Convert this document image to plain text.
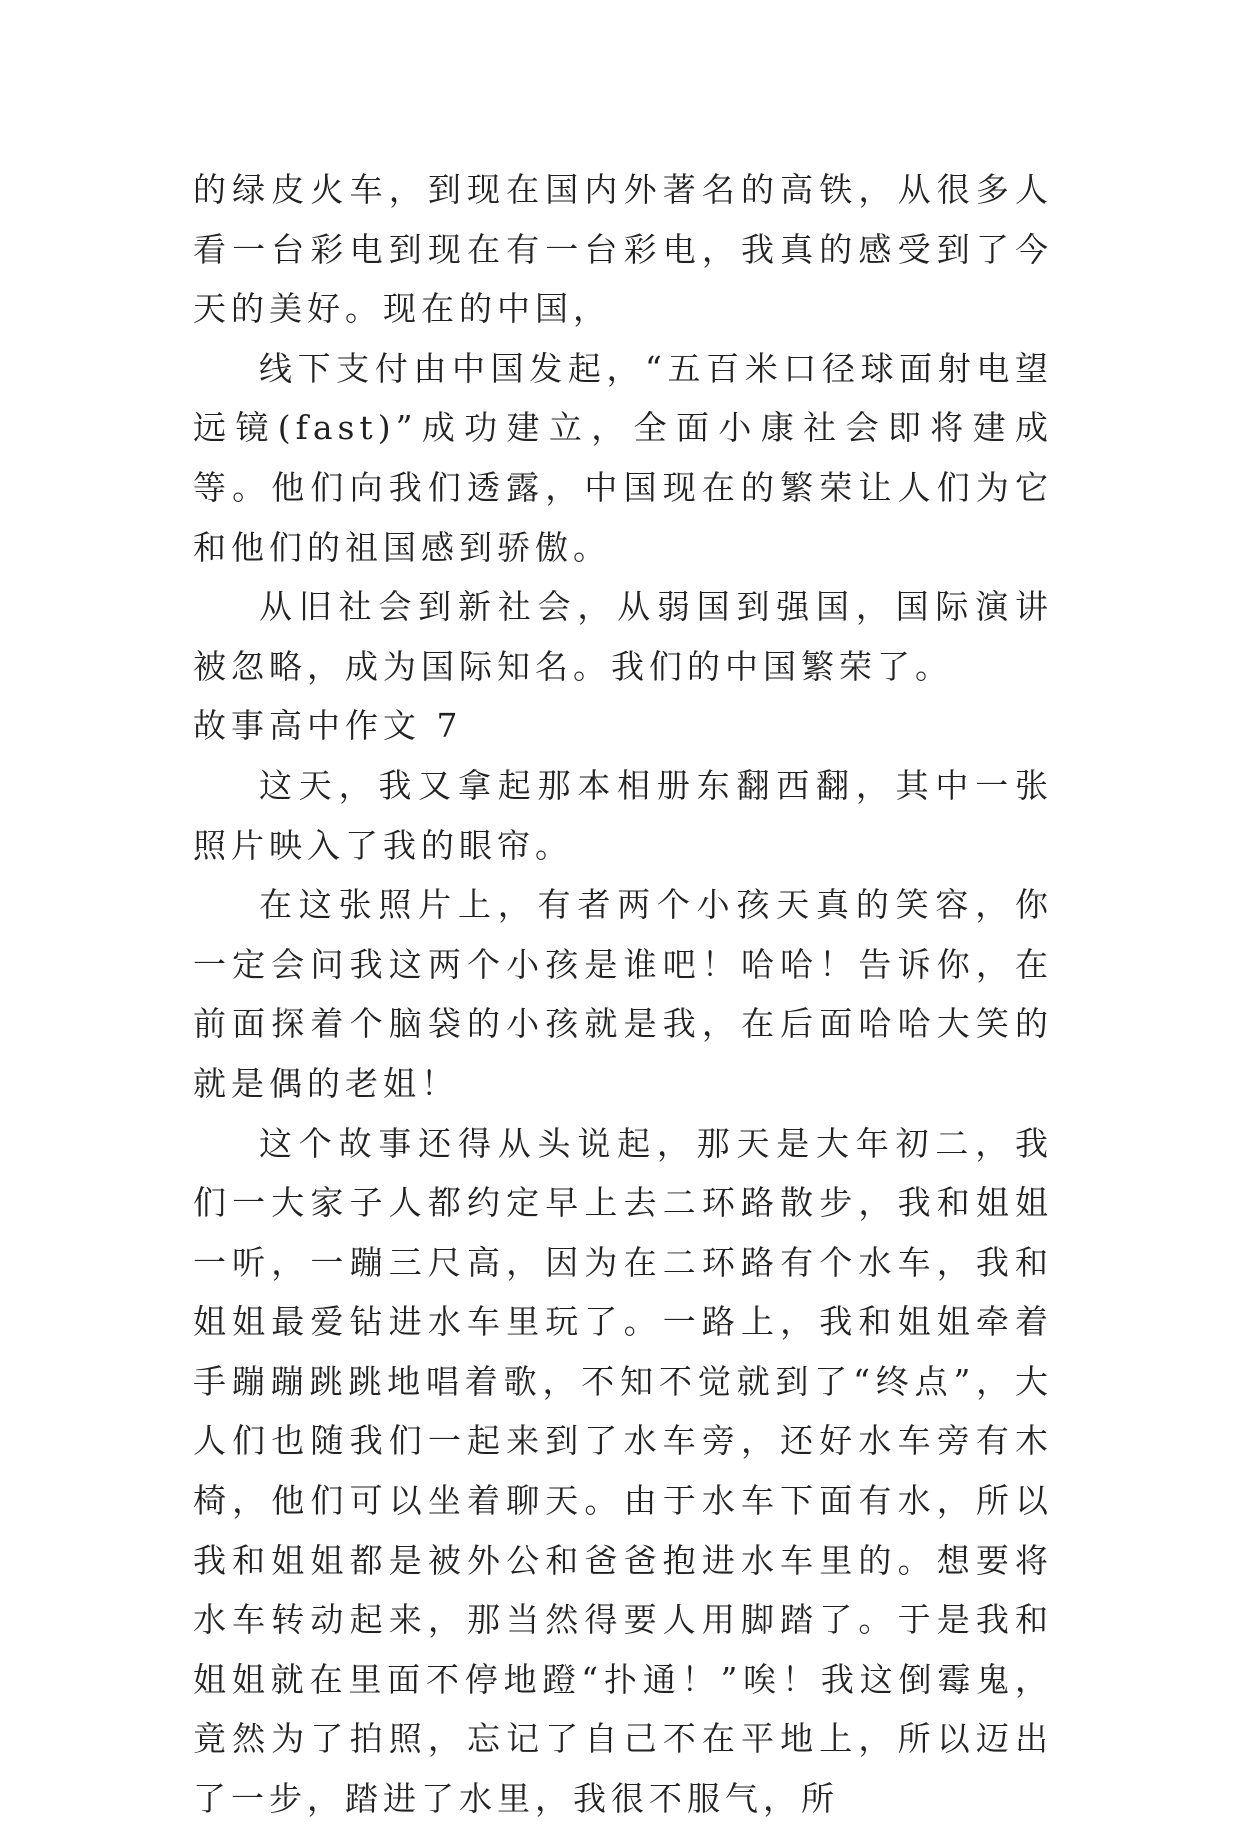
的绿皮火车，到现在国内外著名的高铁，从很多人看一台彩电到现在有一台彩电，我真的感受到了今天的美好。现在的中国，

线下支付由中国发起，“五百米口径球面射电望远镜(fast)”成功建立，全面小康社会即将建成等。他们向我们透露，中国现在的繁荣让人们为它和他们的祖国感到骄傲。

从旧社会到新社会，从弱国到强国，国际演讲被忽略，成为国际知名。我们的中国繁荣了。

故事高中作文 7

这天，我又拿起那本相册东翻西翻，其中一张照片映入了我的眼帘。

在这张照片上，有者两个小孩天真的笑容，你一定会问我这两个小孩是谁吧！哈哈！告诉你，在前面探着个脑袋的小孩就是我，在后面哈哈大笑的就是偶的老姐！

这个故事还得从头说起，那天是大年初二，我们一大家子人都约定早上去二环路散步，我和姐姐一听，一蹦三尺高，因为在二环路有个水车，我和姐姐最爱钻进水车里玩了。一路上，我和姐姐牵着手蹦蹦跳跳地唱着歌，不知不觉就到了“终点”，大人们也随我们一起来到了水车旁，还好水车旁有木椅，他们可以坐着聊天。由于水车下面有水，所以我和姐姐都是被外公和爸爸抱进水车里的。想要将水车转动起来，那当然得要人用脚踏了。于是我和姐姐就在里面不停地蹬“扑通！”唉！我这倒霉鬼，竟然为了拍照，忘记了自己不在平地上，所以迈出了一步，踏进了水里，我很不服气，所
